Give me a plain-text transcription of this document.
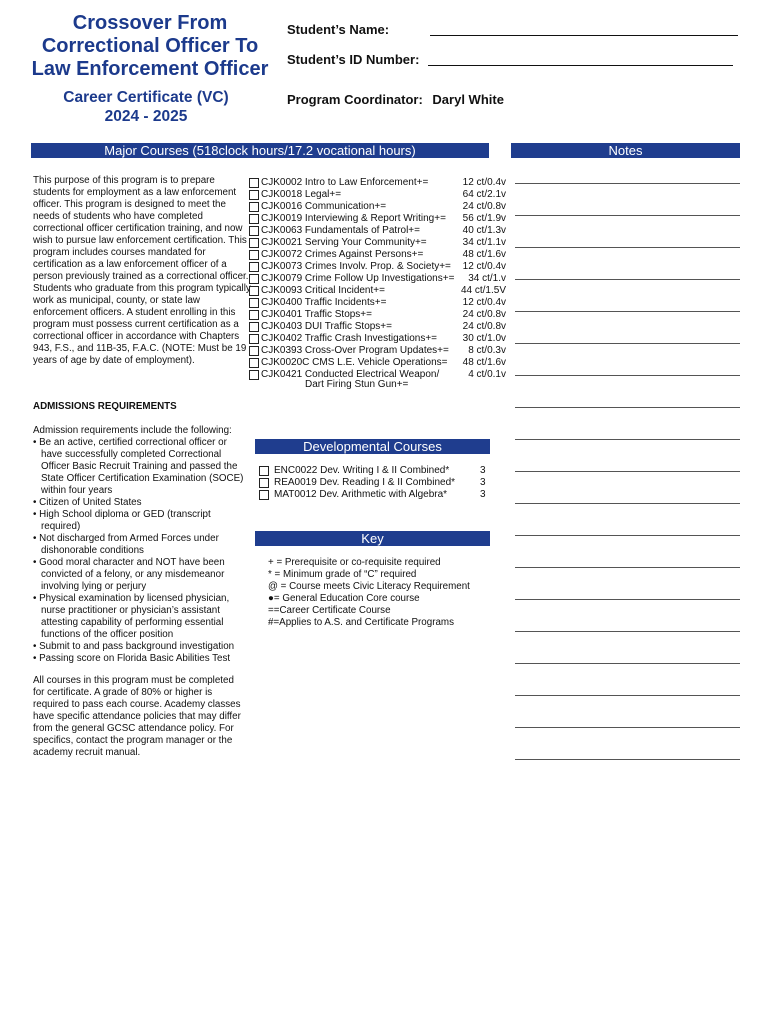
Crossover From
Correctional Officer To
Law Enforcement Officer
Career Certificate (VC)
2024 - 2025
Student’s Name:
Student’s ID Number:
Program Coordinator: Daryl White
Major Courses (518clock hours/17.2 vocational hours)	Notes
This purpose of this program is to prepare students for employment as a law enforcement officer. This program is designed to meet the needs of students who have completed correctional officer certification training, and now wish to pursue law enforcement certification. This program includes courses mandated for certification as a law enforcement officer of a person previously trained as a correctional officer. Students who graduate from this program typically work as municipal, county, or state law enforcement officers. A student enrolling in this program must possess current certification as a correctional officer in accordance with Chapters 943, F.S., and 11B-35, F.A.C. (NOTE: Must be 19 years of age by date of employment).
CJK0002 Intro to Law Enforcement+=	12 ct/0.4v
CJK0018 Legal+=	64 ct/2.1v
CJK0016 Communication+=	24 ct/0.8v
CJK0019 Interviewing & Report Writing+= 56 ct/1.9v
CJK0063 Fundamentals of Patrol+=	40 ct/1.3v
CJK0021 Serving Your Community+=	34 ct/1.1v
CJK0072 Crimes Against Persons+=	48 ct/1.6v
CJK0073 Crimes Involv. Prop. & Society+= 12 ct/0.4v
CJK0079 Crime Follow Up Investigations+= 34 ct/1.v
CJK0093 Critical Incident+=	44 ct/1.5V
CJK0400 Traffic Incidents+=	12 ct/0.4v
CJK0401 Traffic Stops+=	24 ct/0.8v
CJK0403 DUI Traffic Stops+=	24 ct/0.8v
CJK0402 Traffic Crash Investigations+=	30 ct/1.0v
CJK0393 Cross-Over Program Updates+= 8 ct/0.3v
CJK0020C CMS L.E. Vehicle Operations= 48 ct/1.6v
CJK0421 Conducted Electrical Weapon/	4 ct/0.1v
Dart Firing Stun Gun+=
ADMISSIONS REQUIREMENTS
Admission requirements include the following:
• Be an active, certified correctional officer or have successfully completed Correctional Officer Basic Recruit Training and passed the State Officer Certification Examination (SOCE) within four years
• Citizen of United States
• High School diploma or GED (transcript required)
• Not discharged from Armed Forces under dishonorable conditions
• Good moral character and NOT have been convicted of a felony, or any misdemeanor involving lying or perjury
• Physical examination by licensed physician, nurse practitioner or physician’s assistant attesting capability of performing essential functions of the officer position
• Submit to and pass background investigation
• Passing score on Florida Basic Abilities Test
All courses in this program must be completed for certificate. A grade of 80% or higher is required to pass each course. Academy classes have specific attendance policies that may differ from the general GCSC attendance policy. For specifics, contact the program manager or the academy recruit manual.
Developmental Courses
ENC0022 Dev. Writing I & II Combined*	3
REA0019 Dev. Reading I & II Combined* 3
MAT0012 Dev. Arithmetic with Algebra*	3
Key
+ = Prerequisite or co-requisite required
* = Minimum grade of “C” required
@ = Course meets Civic Literacy Requirement
●= General Education Core course
==Career Certificate Course
#=Applies to A.S. and Certificate Programs
